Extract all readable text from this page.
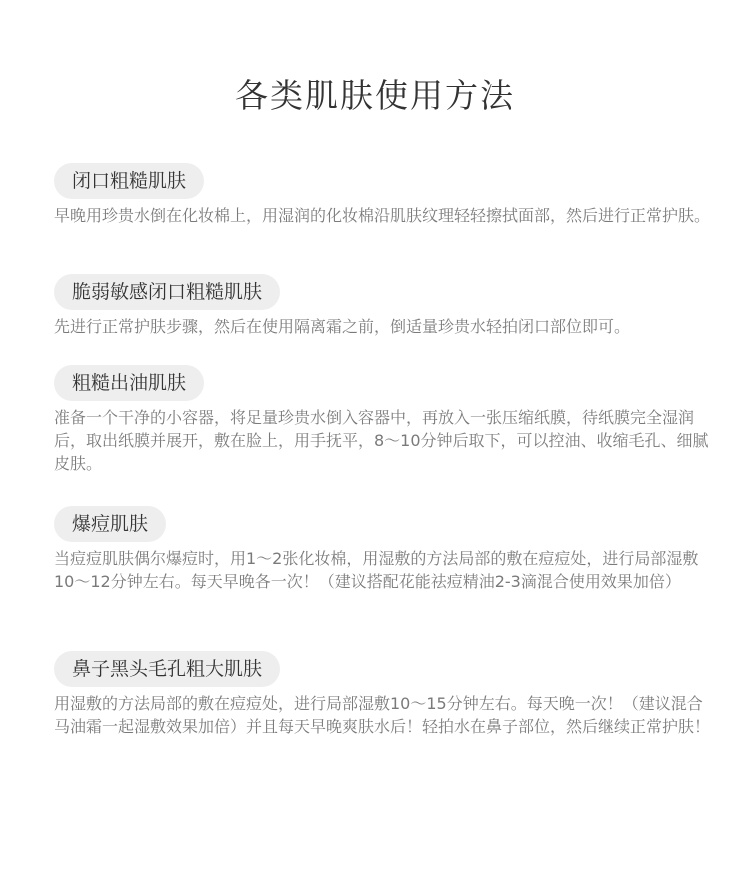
各类肌肤使用方法
闭口粗糙肌肤

早晚用珍贵水倒在化妆棉上，用湿润的化妆棉沿肌肤纹理轻轻擦拭面部，然后进行正常护肤。

脆弱敏感闭口粗糙肌肤

先进行正常护肤步骤，然后在使用隔离霜之前，倒适量珍贵水轻拍闭口部位即可。

粗糙出油肌肤

准备一个干净的小容器，将足量珍贵水倒入容器中，再放入一张压缩纸膜，待纸膜完全湿润后，取出纸膜并展开，敷在脸上，用手抚平，8～10分钟后取下，可以控油、收缩毛孔、细腻皮肤。

爆痘肌肤

当痘痘肌肤偶尔爆痘时，用1～2张化妆棉，用湿敷的方法局部的敷在痘痘处，进行局部湿敷10～12分钟左右。每天早晚各一次！（建议搭配花能祛痘精油2-3滴混合使用效果加倍）

鼻子黑头毛孔粗大肌肤

用湿敷的方法局部的敷在痘痘处，进行局部湿敷10～15分钟左右。每天晚一次！（建议混合马油霜一起湿敷效果加倍）并且每天早晚爽肤水后！轻拍水在鼻子部位，然后继续正常护肤！
